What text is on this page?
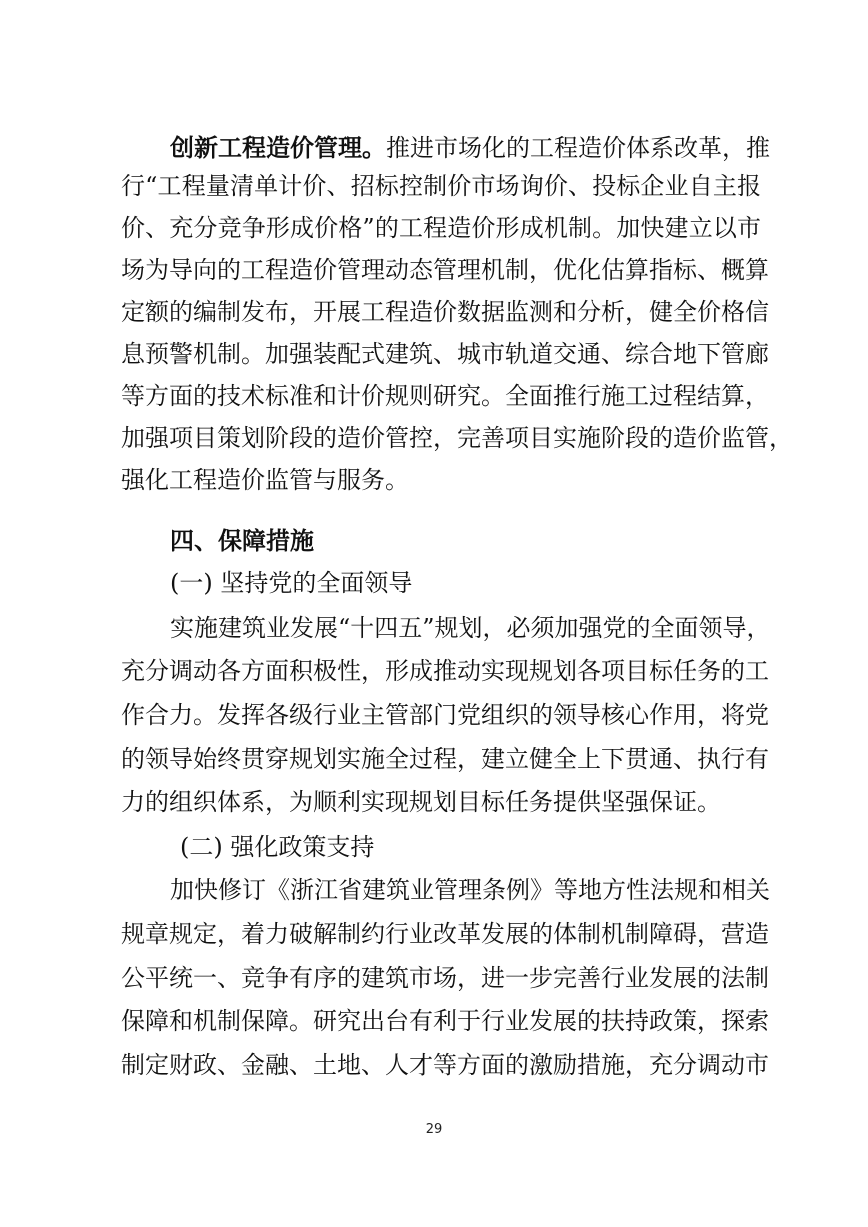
创新工程造价管理。推进市场化的工程造价体系改革，推
行“工程量清单计价、招标控制价市场询价、投标企业自主报
价、充分竞争形成价格”的工程造价形成机制。加快建立以市
场为导向的工程造价管理动态管理机制，优化估算指标、概算
定额的编制发布，开展工程造价数据监测和分析，健全价格信
息预警机制。加强装配式建筑、城市轨道交通、综合地下管廊
等方面的技术标准和计价规则研究。全面推行施工过程结算，
加强项目策划阶段的造价管控，完善项目实施阶段的造价监管，
强化工程造价监管与服务。
四、保障措施
(一) 坚持党的全面领导
实施建筑业发展“十四五”规划，必须加强党的全面领导，
充分调动各方面积极性，形成推动实现规划各项目标任务的工
作合力。发挥各级行业主管部门党组织的领导核心作用，将党
的领导始终贯穿规划实施全过程，建立健全上下贯通、执行有
力的组织体系，为顺利实现规划目标任务提供坚强保证。
(二) 强化政策支持
加快修订《浙江省建筑业管理条例》等地方性法规和相关
规章规定，着力破解制约行业改革发展的体制机制障碍，营造
公平统一、竞争有序的建筑市场，进一步完善行业发展的法制
保障和机制保障。研究出台有利于行业发展的扶持政策，探索
制定财政、金融、土地、人才等方面的激励措施，充分调动市
29
